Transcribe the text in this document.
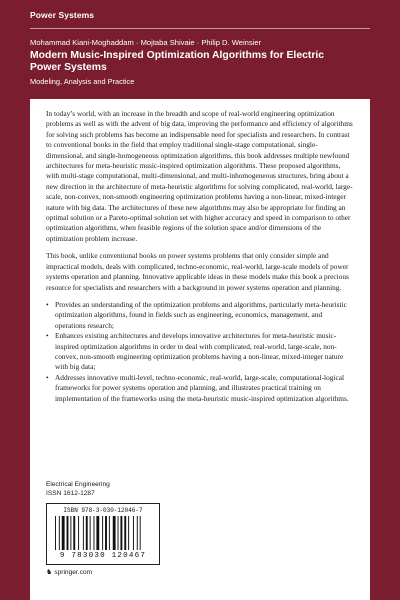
Power Systems
Mohammad Kiani-Moghaddam · Mojtaba Shivaie · Philip D. Weinsier
Modern Music-Inspired Optimization Algorithms for Electric Power Systems
Modeling, Analysis and Practice

In today’s world, with an increase in the breadth and scope of real-world engineering optimization problems as well as with the advent of big data, improving the performance and efficiency of algorithms for solving such problems has become an indispensable need for specialists and researchers. In contrast to conventional books in the field that employ traditional single-stage computational, single-dimensional, and single-homogeneous optimization algorithms, this book addresses multiple newfound architectures for meta-heuristic music-inspired optimization algorithms. These proposed algorithms, with multi-stage computational, multi-dimensional, and multi-inhomogeneous structures, bring about a new direction in the architecture of meta-heuristic algorithms for solving complicated, real-world, large-scale, non-convex, non-smooth engineering optimization problems having a non-linear, mixed-integer nature with big data. The architectures of these new algorithms may also be appropriate for finding an optimal solution or a Pareto-optimal solution set with higher accuracy and speed in comparison to other optimization algorithms, when feasible regions of the solution space and/or dimensions of the optimization problem increase.

This book, unlike conventional books on power systems problems that only consider simple and impractical models, deals with complicated, techno-economic, real-world, large-scale models of power systems operation and planning. Innovative applicable ideas in these models make this book a precious resource for specialists and researchers with a background in power systems operation and planning.

• Provides an understanding of the optimization problems and algorithms, particularly meta-heuristic optimization algorithms, found in fields such as engineering, economics, management, and operations research;
• Enhances existing architectures and develops innovative architectures for meta-heuristic music-inspired optimization algorithms in order to deal with complicated, real-world, large-scale, non-convex, non-smooth engineering optimization problems having a non-linear, mixed-integer nature with big data;
• Addresses innovative multi-level, techno-economic, real-world, large-scale, computational-logical frameworks for power systems operation and planning, and illustrates practical training on implementation of the frameworks using the meta-heuristic music-inspired optimization algorithms.
Electrical Engineering
ISSN 1612-1287
ISBN 978-3-030-12046-7
9 783030 120467
♞ springer.com
